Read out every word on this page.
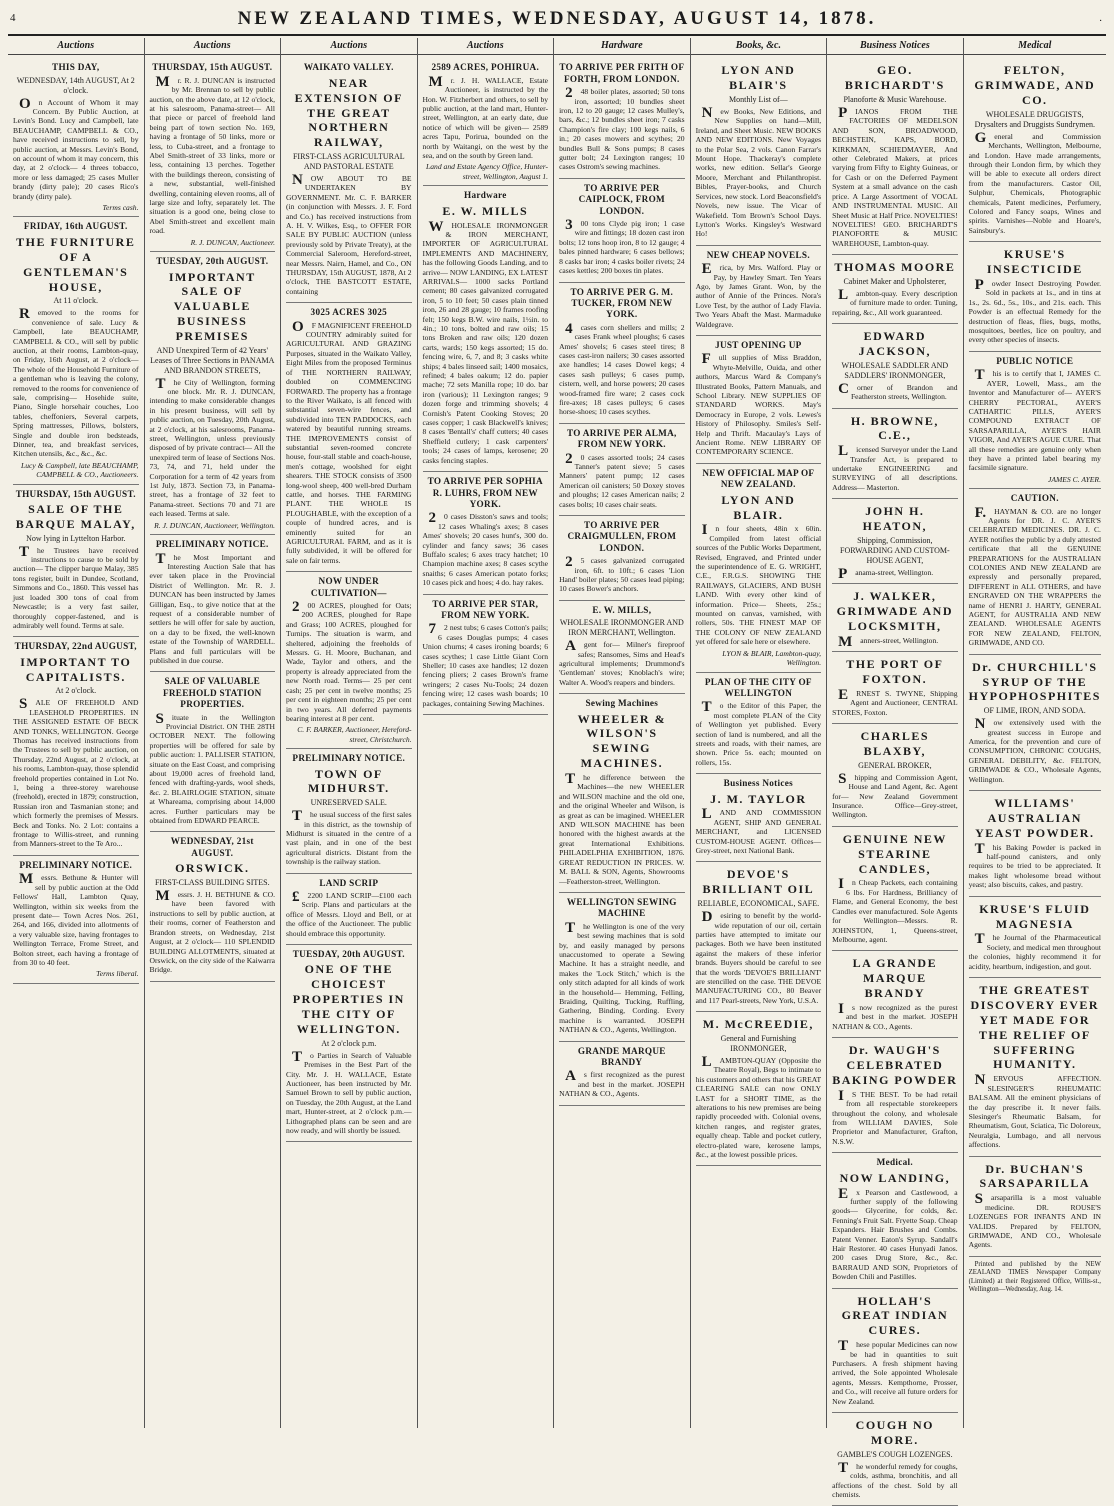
4	NEW ZEALAND TIMES, WEDNESDAY, AUGUST 14, 1878.	.
Auctions
THIS DAY,
WEDNESDAY, 14th AUGUST, At 2 o'clock.
On Account of Whom it may Concern. By Public Auction, at Levin's Bond. Lucy and Campbell, late BEAUCHAMP, CAMPBELL & CO., have received instructions to sell, by public auction, at Messrs. Levin's Bond, on account of whom it may concern, this day, at 2 o'clock— 4 threes tobacco, more or less damaged; 25 cases Muller brandy (dirty pale); 20 cases Rico's brandy (dirty pale).
Terms cash.
FRIDAY, 16th AUGUST.
THE FURNITURE OF A GENTLEMAN'S HOUSE,
At 11 o'clock.
Removed to the rooms for convenience of sale. Lucy & Campbell, late BEAUCHAMP, CAMPBELL & CO., will sell by public auction, at their rooms, Lambton-quay, on Friday, 16th August, at 2 o'clock— The whole of the Household Furniture of a gentleman who is leaving the colony, removed to the rooms for convenience of sale, comprising— Hosehide suite, Piano, Single horsehair couches, Loo tables, cheffoniers, Several carpets, Spring mattresses, Pillows, bolsters, Single and double iron bedsteads, Dinner, tea, and breakfast services, Kitchen utensils, &c., &c., &c.
Lucy & Campbell, late BEAUCHAMP, CAMPBELL & CO., Auctioneers.
THURSDAY, 15th AUGUST.
SALE OF THE BARQUE MALAY,
Now lying in Lyttelton Harbor.
The Trustees have received instructions to cause to be sold by auction— The clipper barque Malay, 385 tons register, built in Dundee, Scotland, Simmons and Co., 1860. This vessel has just loaded 300 tons of coal from Newcastle; is a very fast sailer, thoroughly copper-fastened, and is admirably well found. Terms at sale.
THURSDAY, 22nd AUGUST,
IMPORTANT TO CAPITALISTS.
At 2 o'clock.
SALE OF FREEHOLD AND LEASEHOLD PROPERTIES. IN THE ASSIGNED ESTATE OF BECK AND TONKS, WELLINGTON. George Thomas has received instructions from the Trustees to sell by public auction, on Thursday, 22nd August, at 2 o'clock, at his rooms, Lambton-quay, those splendid freehold properties contained in Lot No. 1, being a three-storey warehouse (freehold), erected in 1879; construction, Russian iron and Tasmanian stone; and which formerly the premises of Messrs. Beck and Tonks. No. 2 Lot: contains a frontage to Willis-street, and running from Manners-street to the Te Aro...
PRELIMINARY NOTICE.
Messrs. Bethune & Hunter will sell by public auction at the Odd Fellows' Hall, Lambton Quay, Wellington, within six weeks from the present date— Town Acres Nos. 261, 264, and 166, divided into allotments of a very valuable size, having frontages to Wellington Terrace, Frome Street, and Bolton street, each having a frontage of from 30 to 40 feet.
Terms liberal.
Auctions
THURSDAY, 15th AUGUST.
Mr. R. J. DUNCAN is instructed by Mr. Brennan to sell by public auction, on the above date, at 12 o'clock, at his salesroom, Panama-street— All that piece or parcel of freehold land being part of town section No. 169, having a frontage of 50 links, more or less, to Cuba-street, and a frontage to Abel Smith-street of 33 links, more or less, containing 13 perches. Together with the buildings thereon, consisting of a new, substantial, well-finished dwelling, containing eleven rooms, all of large size and lofty, separately let. The situation is a good one, being close to Abel Smith-street and excellent main road.
R. J. DUNCAN, Auctioneer.
TUESDAY, 20th AUGUST.
IMPORTANT SALE OF VALUABLE BUSINESS PREMISES
AND Unexpired Term of 42 Years' Leases of Three Sections in PANAMA AND BRANDON STREETS,
The City of Wellington, forming one block. Mr. R. J. DUNCAN, intending to make considerable changes in his present business, will sell by public auction, on Tuesday, 20th August, at 2 o'clock, at his salesrooms, Panama-street, Wellington, unless previously disposed of by private contract— All the unexpired term of lease of Sections Nos. 73, 74, and 71, held under the Corporation for a term of 42 years from 1st July, 1873. Section 73, in Panama-street, has a frontage of 32 feet to Panama-street. Sections 70 and 71 are each leased. Terms at sale.
R. J. DUNCAN, Auctioneer, Wellington.
PRELIMINARY NOTICE.
The Most Important and Interesting Auction Sale that has ever taken place in the Provincial District of Wellington. Mr. R. J. DUNCAN has been instructed by James Gilligan, Esq., to give notice that at the request of a considerable number of settlers he will offer for sale by auction, on a day to be fixed, the well-known estate of the Township of WARDELL. Plans and full particulars will be published in due course.
SALE OF VALUABLE FREEHOLD STATION PROPERTIES.
Situate in the Wellington Provincial District. ON THE 28TH OCTOBER NEXT. The following properties will be offered for sale by public auction: 1. PALLISER STATION, situate on the East Coast, and comprising about 19,000 acres of freehold land, fenced with drafting-yards, wool sheds, &c. 2. BLAIRLOGIE STATION, situate at Whareama, comprising about 14,000 acres. Further particulars may be obtained from EDWARD PEARCE.
WEDNESDAY, 21st AUGUST.
ORSWICK.
FIRST-CLASS BUILDING SITES.
Messrs. J. H. BETHUNE & CO. have been favored with instructions to sell by public auction, at their rooms, corner of Featherston and Brandon streets, on Wednesday, 21st August, at 2 o'clock— 110 SPLENDID BUILDING ALLOTMENTS, situated at Orswick, on the city side of the Kaiwarra Bridge.
Auctions
WAIKATO VALLEY.
NEAR EXTENSION OF THE GREAT NORTHERN RAILWAY,
FIRST-CLASS AGRICULTURAL AND PASTORAL ESTATE
NOW ABOUT TO BE UNDERTAKEN BY GOVERNMENT. Mr. C. F. BARKER (in conjunction with Messrs. J. F. Ford and Co.) has received instructions from A. H. V. Wilkes, Esq., to OFFER FOR SALE BY PUBLIC AUCTION (unless previously sold by Private Treaty), at the Commercial Saleroom, Hereford-street, near Messrs. Nairn, Hamel, and Co., ON THURSDAY, 15th AUGUST, 1878, At 2 o'clock, THE BASTCOTT ESTATE, containing
3025 ACRES 3025
OF MAGNIFICENT FREEHOLD COUNTRY admirably suited for AGRICULTURAL AND GRAZING Purposes, situated in the Waikato Valley, Eight Miles from the proposed Terminus of THE NORTHERN RAILWAY, doubled on COMMENCING FORWARD. The property has a frontage to the River Waikato, is all fenced with substantial seven-wire fences, and subdivided into TEN PADDOCKS, each watered by beautiful running streams. THE IMPROVEMENTS consist of substantial seven-roomed concrete house, four-stall stable and coach-house, men's cottage, woolshed for eight shearers. THE STOCK consists of 3500 long-wool sheep, 400 well-bred Durham cattle, and horses. THE FARMING PLANT. THE WHOLE IS PLOUGHABLE, with the exception of a couple of hundred acres, and is eminently suited for an AGRICULTURAL FARM, and as it is fully subdivided, it will be offered for sale on fair terms.
NOW UNDER CULTIVATION—
200 ACRES, ploughed for Oats; 200 ACRES, ploughed for Rape and Grass; 100 ACRES, ploughed for Turnips. The situation is warm, and sheltered, adjoining the freeholds of Messrs. G. H. Moore, Buchanan, and Wade, Taylor and others, and the property is already appreciated from the new North road. Terms— 25 per cent cash; 25 per cent in twelve months; 25 per cent in eighteen months; 25 per cent in two years. All deferred payments bearing interest at 8 per cent.
C. F. BARKER, Auctioneer, Hereford-street, Christchurch.
PRELIMINARY NOTICE.
TOWN OF MIDHURST.
UNRESERVED SALE.
The usual success of the first sales in this district, as the township of Midhurst is situated in the centre of a vast plain, and in one of the best agricultural districts. Distant from the township is the railway station.
LAND SCRIP
£2200 LAND SCRIP—£100 each Scrip. Plans and particulars at the office of Messrs. Lloyd and Bell, or at the office of the Auctioneer. The public should embrace this opportunity.
TUESDAY, 20th AUGUST.
ONE OF THE CHOICEST PROPERTIES IN THE CITY OF WELLINGTON.
At 2 o'clock p.m.
To Parties in Search of Valuable Premises in the Best Part of the City. Mr. J. H. WALLACE, Estate Auctioneer, has been instructed by Mr. Samuel Brown to sell by public auction, on Tuesday, the 20th August, at the Land mart, Hunter-street, at 2 o'clock p.m.— Lithographed plans can be seen and are now ready, and will shortly be issued.
Auctions
2589 ACRES, POHIRUA.
Mr. J. H. WALLACE, Estate Auctioneer, is instructed by the Hon. W. Fitzherbert and others, to sell by public auction, at the land mart, Hunter-street, Wellington, at an early date, due notice of which will be given— 2589 acres Tapu, Porirua, bounded on the north by Waitangi, on the west by the sea, and on the south by Green land.
Land and Estate Agency Office, Hunter-street, Wellington, August 1.
Hardware
E. W. MILLS
WHOLESALE IRONMONGER & IRON MERCHANT, IMPORTER OF AGRICULTURAL IMPLEMENTS AND MACHINERY, has the following Goods Landing, and to arrive— NOW LANDING, EX LATEST ARRIVALS— 1000 sacks Portland cement; 80 cases galvanized corrugated iron, 5 to 10 feet; 50 cases plain tinned iron, 26 and 28 gauge; 10 frames roofing felt; 150 kegs B.W. wire nails, 1½in. to 4in.; 10 tons, bolted and raw oils; 15 tons Broken and raw oils; 120 dozen carts, wards; 150 kegs assorted; 15 do. fencing wire, 6, 7, and 8; 3 casks white ships; 4 bales linseed sail; 1400 mosaics, refined; 4 bales oakum; 12 do. papier mache; 72 sets Manilla rope; 10 do. bar iron (various); 11 Lexington ranges; 9 dozen forge and trimming shovels; 4 Cornish's Patent Cooking Stoves; 20 cases copper; 1 cask Blackwell's knives; 8 cases 'Bentall's' chaff cutters; 40 cases Sheffield cutlery; 1 cask carpenters' tools; 24 cases of lamps, kerosene; 20 casks fencing staples.
TO ARRIVE PER SOPHIA R. LUHRS, FROM NEW YORK.
20 cases Disston's saws and tools; 12 cases Whaling's axes; 8 cases Ames' shovels; 20 cases hunt's, 300 do. cylinder and fancy saws; 36 cases Buffalo scales; 6 axes tracy hatchet; 10 Champion machine axes; 8 cases scythe snaiths; 6 cases American potato forks; 10 cases pick and hoes; 4 do. hay rakes.
TO ARRIVE PER STAR, FROM NEW YORK.
72 nest tubs; 6 cases Cotton's pails; 6 cases Douglas pumps; 4 cases Union churns; 4 cases ironing boards; 6 cases scythes; 1 case Little Giant Corn Sheller; 10 cases axe handles; 12 dozen fencing pliers; 2 cases Brown's frame wringers; 2 cases Nu-Tools; 24 dozen fencing wire; 12 cases wash boards; 10 packages, containing Sewing Machines.
Hardware
TO ARRIVE PER FRITH OF FORTH, FROM LONDON.
248 boiler plates, assorted; 50 tons iron, assorted; 10 bundles sheet iron, 12 to 20 gauge; 12 cases Mulley's, bars, &c.; 12 bundles sheet iron; 7 casks Champion's fire clay; 100 kegs nails, 6 in.; 20 cases mowers and scythes; 20 bundles Bull & Sons pumps; 8 cases gutter bolt; 24 Lexington ranges; 10 cases Ostrom's sewing machines.
TO ARRIVE PER CAIPLOCK, FROM LONDON.
300 tons Clyde pig iron; 1 case wire and fittings; 18 dozen cast iron bolts; 12 tons hoop iron, 8 to 12 gauge; 4 bales pinned hardware; 6 cases bellows; 8 casks bar iron; 4 casks boiler rivets; 24 cases kettles; 200 boxes tin plates.
TO ARRIVE PER G. M. TUCKER, FROM NEW YORK.
4cases corn shellers and mills; 2 cases Frank wheel ploughs; 6 cases Ames' shovels; 6 cases steel tires; 8 cases cast-iron nailers; 30 cases assorted axe handles; 14 cases Dowel kegs; 4 cases sash pulleys; 6 cases pump, cistern, well, and horse powers; 20 cases wood-framed fire ware; 2 cases cock fire-axes; 18 cases pulleys; 6 cases horse-shoes; 10 cases scythes.
TO ARRIVE PER ALMA, FROM NEW YORK.
20 cases assorted tools; 24 cases Tanner's patent sieve; 5 cases Manners' patent pump; 12 cases American oil canisters; 50 Doxey stoves and ploughs; 12 cases American nails; 2 cases bolts; 10 cases chair seats.
TO ARRIVE PER CRAIGMULLEN, FROM LONDON.
25 cases galvanized corrugated iron, 6ft. to 10ft.; 6 cases 'Lion Hand' boiler plates; 50 cases lead piping; 10 cases Bower's anchors.
E. W. MILLS,
WHOLESALE IRONMONGER AND IRON MERCHANT, Wellington.
Agent for— Milner's fireproof safes; Ransomes, Sims and Head's agricultural implements; Drummond's 'Gentleman' stoves; Knoblach's wire; Walter A. Wood's reapers and binders.
Sewing Machines
WHEELER & WILSON'S SEWING MACHINES.
The difference between the Machines—the new WHEELER and WILSON machine and the old one, and the original Wheeler and Wilson, is as great as can be imagined. WHEELER AND WILSON MACHINE has been honored with the highest awards at the great International Exhibitions. PHILADELPHIA EXHIBITION, 1876. GREAT REDUCTION IN PRICES. W. M. BALL & SON, Agents, Showrooms—Featherston-street, Wellington.
WELLINGTON SEWING MACHINE
The Wellington is one of the very best sewing machines that is sold by, and easily managed by persons unaccustomed to operate a Sewing Machine. It has a straight needle, and makes the 'Lock Stitch,' which is the only stitch adapted for all kinds of work in the household— Hemming, Felling, Braiding, Quilting, Tucking, Ruffling, Gathering, Binding, Cording. Every machine is warranted. JOSEPH NATHAN & CO., Agents, Wellington.
GRANDE MARQUE BRANDY
As first recognized as the purest and best in the market. JOSEPH NATHAN & CO., Agents.
Books, &c.
LYON AND BLAIR'S
Monthly List of—
New Books, New Editions, and New Supplies on hand—Mill, Ireland, and Sheet Music. NEW BOOKS AND NEW EDITIONS. New Voyages to the Polar Sea, 2 vols. Canon Farrar's Mount Hope. Thackeray's complete works, new edition. Sellar's George Moore, Merchant and Philanthropist. Bibles, Prayer-books, and Church Services, new stock. Lord Beaconsfield's Novels, new issue. The Vicar of Wakefield. Tom Brown's School Days. Lytton's Works. Kingsley's Westward Ho!
NEW CHEAP NOVELS.
Erica, by Mrs. Walford. Play or Pay, by Hawley Smart. Ten Years Ago, by James Grant. Won, by the author of Annie of the Princes. Nora's Love Test, by the author of Lady Flavia. Two Years Abaft the Mast. Marmaduke Waldegrave.
JUST OPENING UP
Full supplies of Miss Braddon, Whyte-Melville, Ouida, and other authors, Marcus Ward & Company's Illustrated Books, Pattern Manuals, and School Library. NEW SUPPLIES OF STANDARD WORKS. May's Democracy in Europe, 2 vols. Lewes's History of Philosophy. Smiles's Self-Help and Thrift. Macaulay's Lays of Ancient Rome. NEW LIBRARY OF CONTEMPORARY SCIENCE.
NEW OFFICIAL MAP OF NEW ZEALAND.
LYON AND BLAIR.
In four sheets, 48in x 60in. Compiled from latest official sources of the Public Works Department, Revised, Engraved, and Printed under the superintendence of E. G. WRIGHT, C.E., F.R.G.S. SHOWING THE RAILWAYS, GLACIERS, AND BUSH LAND. With every other kind of information. Price— Sheets, 25s.; mounted on canvas, varnished, with rollers, 50s. THE FINEST MAP OF THE COLONY OF NEW ZEALAND yet offered for sale here or elsewhere.
LYON & BLAIR, Lambton-quay, Wellington.
PLAN OF THE CITY OF WELLINGTON
To the Editor of this Paper, the most complete PLAN of the City of Wellington yet published. Every section of land is numbered, and all the streets and roads, with their names, are shown. Price 5s. each; mounted on rollers, 15s.
Business Notices
J. M. TAYLOR
LAND AND COMMISSION AGENT, SHIP AND GENERAL MERCHANT, and LICENSED CUSTOM-HOUSE AGENT. Offices—Grey-street, next National Bank.
DEVOE'S BRILLIANT OIL
RELIABLE, ECONOMICAL, SAFE.
Desiring to benefit by the world-wide reputation of our oil, certain parties have attempted to imitate our packages. Both we have been instituted against the makers of these inferior brands. Buyers should be careful to see that the words 'DEVOE'S BRILLIANT' are stencilled on the case. THE DEVOE MANUFACTURING CO., 80 Beaver and 117 Pearl-streets, New York, U.S.A.
M. McCREEDIE,
General and Furnishing IRONMONGER,
LAMBTON-QUAY (Opposite the Theatre Royal), Begs to intimate to his customers and others that his GREAT CLEARING SALE can now ONLY LAST for a SHORT TIME, as the alterations to his new premises are being rapidly proceeded with. Colonial ovens, kitchen ranges, and register grates, equally cheap. Table and pocket cutlery, electro-plated ware, kerosene lamps, &c., at the lowest possible prices.
Business Notices
GEO. BRICHARDT'S
Planoforte & Music Warehouse.
PIANOS FROM THE FACTORIES OF MEDELSON AND SON, BROADWOOD, BECHSTEIN, KAPS, BORD, KIRKMAN, SCHIEDMAYER, And other Celebrated Makers, at prices varying from Fifty to Eighty Guineas, or for Cash or on the Deferred Payment System at a small advance on the cash price. A Large Assortment of VOCAL AND INSTRUMENTAL MUSIC. All Sheet Music at Half Price. NOVELTIES! NOVELTIES! GEO. BRICHARDT'S PIANOFORTE & MUSIC WAREHOUSE, Lambton-quay.
THOMAS MOORE
Cabinet Maker and Upholsterer,
Lambton-quay. Every description of furniture made to order. Tuning, repairing, &c., All work guaranteed.
EDWARD JACKSON,
WHOLESALE SADDLER AND SADDLERS' IRONMONGER,
Corner of Brandon and Featherston streets, Wellington.
H. BROWNE, C.E.,
Licensed Surveyor under the Land Transfer Act, is prepared to undertake ENGINEERING and SURVEYING of all descriptions. Address— Masterton.
JOHN H. HEATON,
Shipping, Commission, FORWARDING AND CUSTOM-HOUSE AGENT,
Panama-street, Wellington.
J. WALKER, GRIMWADE AND LOCKSMITH,
Manners-street, Wellington.
THE PORT OF FOXTON.
ERNEST S. TWYNE, Shipping Agent and Auctioneer, CENTRAL STORES, Foxton.
CHARLES BLAXBY,
GENERAL BROKER,
Shipping and Commission Agent, House and Land Agent, &c. Agent for— New Zealand Government Insurance. Office—Grey-street, Wellington.
GENUINE NEW STEARINE CANDLES,
In Cheap Packets, each containing 6 lbs. For Hardness, Brilliancy of Flame, and General Economy, the best Candles ever manufactured. Sole Agents for Wellington—Messrs. R. JOHNSTON, 1, Queens-street, Melbourne, agent.
LA GRANDE MARQUE BRANDY
Is now recognized as the purest and best in the market. JOSEPH NATHAN & CO., Agents.
Dr. WAUGH'S CELEBRATED BAKING POWDER
IS THE BEST. To be had retail from all respectable storekeepers throughout the colony, and wholesale from WILLIAM DAVIES, Sole Proprietor and Manufacturer, Grafton, N.S.W.
Medical.
NOW LANDING,
Ex Pearson and Castlewood, a further supply of the following goods— Glycerine, for colds, &c. Fenning's Fruit Salt. Fryette Soap. Cheap Expanders. Hair Brushes and Combs. Patent Venner. Eaton's Syrup. Sandall's Hair Restorer. 40 cases Hunyadi Janos. 200 cases Drug Store, &c., &c. BARRAUD AND SON, Proprietors of Bowden Chili and Pastilles.
HOLLAH'S GREAT INDIAN CURES.
These popular Medicines can now be had in quantities to suit Purchasers. A fresh shipment having arrived, the Sole appointed Wholesale agents, Messrs. Kempthorne, Prosser, and Co., will receive all future orders for New Zealand.
COUGH NO MORE.
GAMBLE'S COUGH LOZENGES.
The wonderful remedy for coughs, colds, asthma, bronchitis, and all affections of the chest. Sold by all chemists.
Medical
FELTON, GRIMWADE, AND CO.
WHOLESALE DRUGGISTS, Drysalters and Druggists Sundrymen.
General and Commission Merchants, Wellington, Melbourne, and London. Have made arrangements, through their London firm, by which they will be able to execute all orders direct from the manufacturers. Castor Oil, Sulphur, Chemicals, Photographic chemicals, Patent medicines, Perfumery, Colored and Fancy soaps, Wines and spirits. Varnishes—Noble and Hoare's, Sainsbury's.
KRUSE'S INSECTICIDE
Powder Insect Destroying Powder. Sold in packets at 1s., and in tins at 1s., 2s. 6d., 5s., 10s., and 21s. each. This Powder is an effectual Remedy for the destruction of fleas, flies, bugs, moths, mosquitoes, beetles, lice on poultry, and every other species of insects.
PUBLIC NOTICE
This is to certify that I, JAMES C. AYER, Lowell, Mass., am the Inventor and Manufacturer of— AYER'S CHERRY PECTORAL, AYER'S CATHARTIC PILLS, AYER'S COMPOUND EXTRACT OF SARSAPARILLA, AYER'S HAIR VIGOR, And AYER'S AGUE CURE. That all these remedies are genuine only when they have a printed label bearing my facsimile signature.
JAMES C. AYER.
CAUTION.
F.HAYMAN & CO. are no longer Agents for DR. J. C. AYER'S CELEBRATED MEDICINES. DR. J. C. AYER notifies the public by a duly attested certificate that all the GENUINE PREPARATIONS for the AUSTRALIAN COLONIES AND NEW ZEALAND are expressly and personally prepared, DIFFERENT in ALL OTHERS, and have ENGRAVED ON THE WRAPPERS the name of HENRI J. HARTY, GENERAL AGENT, for AUSTRALIA AND NEW ZEALAND. WHOLESALE AGENTS FOR NEW ZEALAND, FELTON, GRIMWADE, AND CO.
Dr. CHURCHILL'S SYRUP OF THE HYPOPHOSPHITES
OF LIME, IRON, AND SODA.
Now extensively used with the greatest success in Europe and America, for the prevention and cure of CONSUMPTION, CHRONIC COUGHS, GENERAL DEBILITY, &c. FELTON, GRIMWADE & CO., Wholesale Agents, Wellington.
WILLIAMS' AUSTRALIAN YEAST POWDER.
This Baking Powder is packed in half-pound canisters, and only requires to be tried to be appreciated. It makes light wholesome bread without yeast; also biscuits, cakes, and pastry.
KRUSE'S FLUID MAGNESIA
The Journal of the Pharmaceutical Society, and medical men throughout the colonies, highly recommend it for acidity, heartburn, indigestion, and gout.
THE GREATEST DISCOVERY EVER YET MADE FOR THE RELIEF OF SUFFERING HUMANITY.
NERVOUS AFFECTION. SLESINGER'S RHEUMATIC BALSAM. All the eminent physicians of the day prescribe it. It never fails. Slesinger's Rheumatic Balsam, for Rheumatism, Gout, Sciatica, Tic Doloreux, Neuralgia, Lumbago, and all nervous affections.
Dr. BUCHAN'S SARSAPARILLA
Sarsaparilla is a most valuable medicine. DR. ROUSE'S LOZENGES FOR INFANTS AND IN VALIDS. Prepared by FELTON, GRIMWADE, AND CO., Wholesale Agents.
Printed and published by the NEW ZEALAND TIMES Newspaper Company (Limited) at their Registered Office, Willis-st., Wellington—Wednesday, Aug. 14.
